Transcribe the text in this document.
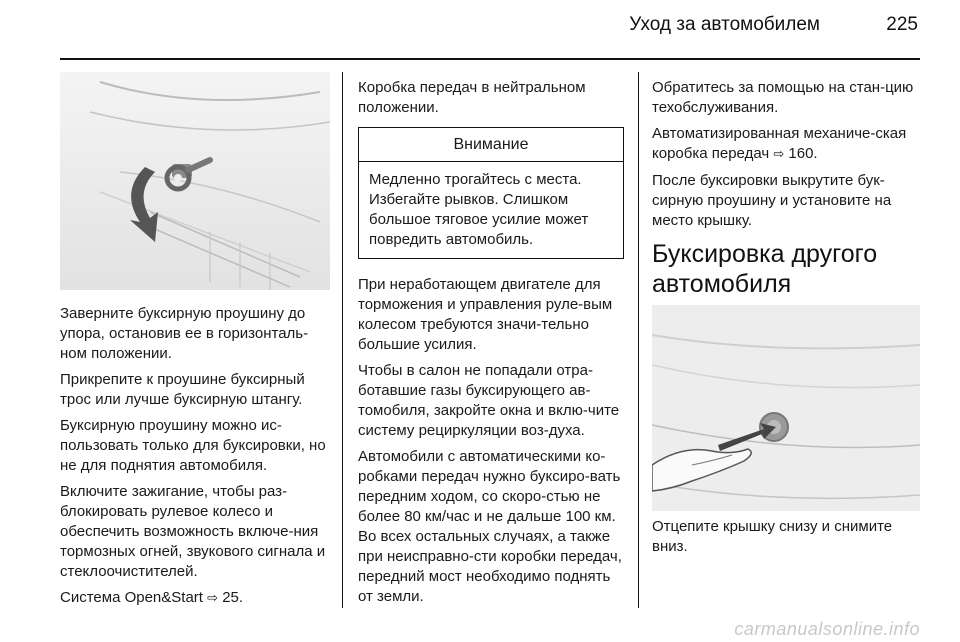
Уход за автомобилем	225

Заверните буксирную проушину до упора, остановив ее в горизонталь-ном положении.

Прикрепите к проушине буксирный трос или лучше буксирную штангу.

Буксирную проушину можно ис-пользовать только для буксировки, но не для поднятия автомобиля.

Включите зажигание, чтобы раз-блокировать рулевое колесо и обеспечить возможность включе-ния тормозных огней, звукового сигнала и стеклоочистителей.

Система Open&Start ⇨ 25.

Коробка передач в нейтральном положении.

Внимание
Медленно трогайтесь с места. Избегайте рывков. Слишком большое тяговое усилие может повредить автомобиль.

При неработающем двигателе для торможения и управления руле-вым колесом требуются значи-тельно большие усилия.

Чтобы в салон не попадали отра-ботавшие газы буксирующего ав-томобиля, закройте окна и вклю-чите систему рециркуляции воз-духа.

Автомобили с автоматическими ко-робками передач нужно буксиро-вать передним ходом, со скоро-стью не более 80 км/час и не дальше 100 км. Во всех остальных случаях, а также при неисправно-сти коробки передач, передний мост необходимо поднять от земли.

Обратитесь за помощью на стан-цию техобслуживания.

Автоматизированная механиче-ская коробка передач ⇨ 160.

После буксировки выкрутите бук-сирную проушину и установите на место крышку.

Буксировка другого автомобиля

Отцепите крышку снизу и снимите вниз.

carmanualsonline.info
